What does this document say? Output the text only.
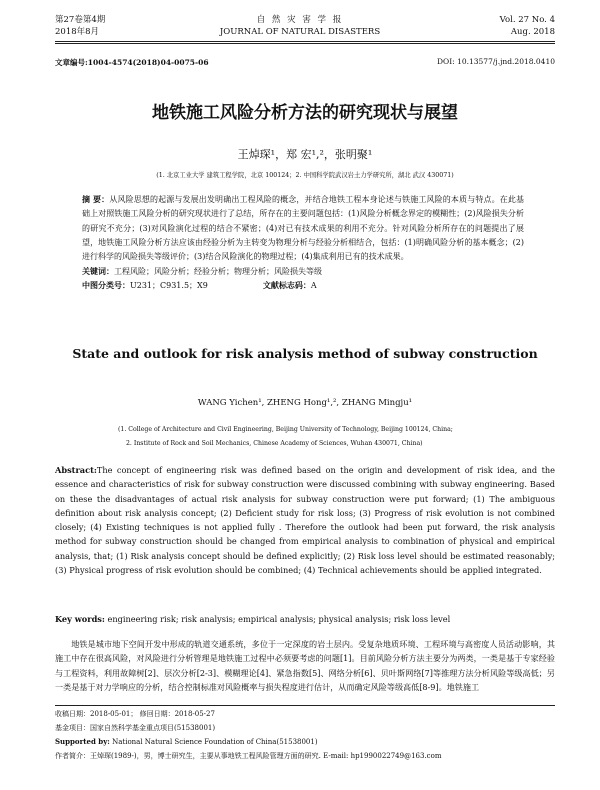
第27卷第4期
2018年8月
自 然 灾 害 学 报
JOURNAL OF NATURAL DISASTERS
Vol. 27 No. 4
Aug. 2018
文章编号:1004-4574(2018)04-0075-06	DOI: 10.13577/j.jnd.2018.0410
地铁施工风险分析方法的研究现状与展望
王焯琛¹，郑 宏¹,²，张明聚¹
(1. 北京工业大学 建筑工程学院，北京 100124；2. 中国科学院武汉岩土力学研究所，湖北 武汉 430071)
摘 要：从风险思想的起源与发展出发明确出工程风险的概念，并结合地铁工程本身论述与铁施工风险的本质与特点。在此基础上对照铁施工风险分析的研究现状进行了总结，所存在的主要问题包括：(1)风险分析概念界定的模糊性；(2)风险损失分析的研究不充分；(3)对风险演化过程的结合不紧密；(4)对已有技术成果的利用不充分。针对风险分析所存在的问题提出了展望，地铁施工风险分析方法应该由经验分析为主转变为物理分析与经验分析相结合，包括：(1)明确风险分析的基本概念；(2)进行科学的风险损失等级评价；(3)结合风险演化的物理过程；(4)集成利用已有的技术成果。
关键词：工程风险；风险分析；经验分析；物理分析；风险损失等级
中图分类号：U231；C931.5；X9	文献标志码：A
State and outlook for risk analysis method of subway construction
WANG Yichen¹, ZHENG Hong¹,², ZHANG Mingju¹
(1. College of Architecture and Civil Engineering, Beijing University of Technology, Beijing 100124, China;
2. Institute of Rock and Soil Mechanics, Chinese Academy of Sciences, Wuhan 430071, China)
Abstract:The concept of engineering risk was defined based on the origin and development of risk idea, and the essence and characteristics of risk for subway construction were discussed combining with subway engineering. Based on these the disadvantages of actual risk analysis for subway construction were put forward; (1) The ambiguous definition about risk analysis concept; (2) Deficient study for risk loss; (3) Progress of risk evolution is not combined closely; (4) Existing techniques is not applied fully . Therefore the outlook had been put forward, the risk analysis method for subway construction should be changed from empirical analysis to combination of physical and empirical analysis, that; (1) Risk analysis concept should be defined explicitly; (2) Risk loss level should be estimated reasonably; (3) Physical progress of risk evolution should be combined; (4) Technical achievements should be applied integrated.
Key words: engineering risk; risk analysis; empirical analysis; physical analysis; risk loss level
地铁是城市地下空间开发中形成的轨道交通系统，多位于一定深度的岩土层内。受复杂地质环境、工程环境与高密度人员活动影响，其施工中存在很高风险，对风险进行分析管理是地铁施工过程中必须要考虑的问题[1]。目前风险分析方法主要分为两类，一类是基于专家经验与工程资料，利用故障树[2]、层次分析[2-3]、模糊理论[4]、紧急指数[5]、网络分析[6]、贝叶斯网络[7]等推理方法分析风险等级高低；另一类是基于对力学响应的分析，结合控制标准对风险概率与损失程度进行估计，从而确定风险等级高低[8-9]。地铁施工
收稿日期：2018-05-01； 修回日期：2018-05-27
基金项目：国家自然科学基金重点项目(51538001)
Supported by: National Natural Science Foundation of China(51538001)
作者简介：王焯琛(1989-)，男，博士研究生，主要从事地铁工程风险管理方面的研究. E-mail: hp1990022749@163.com
